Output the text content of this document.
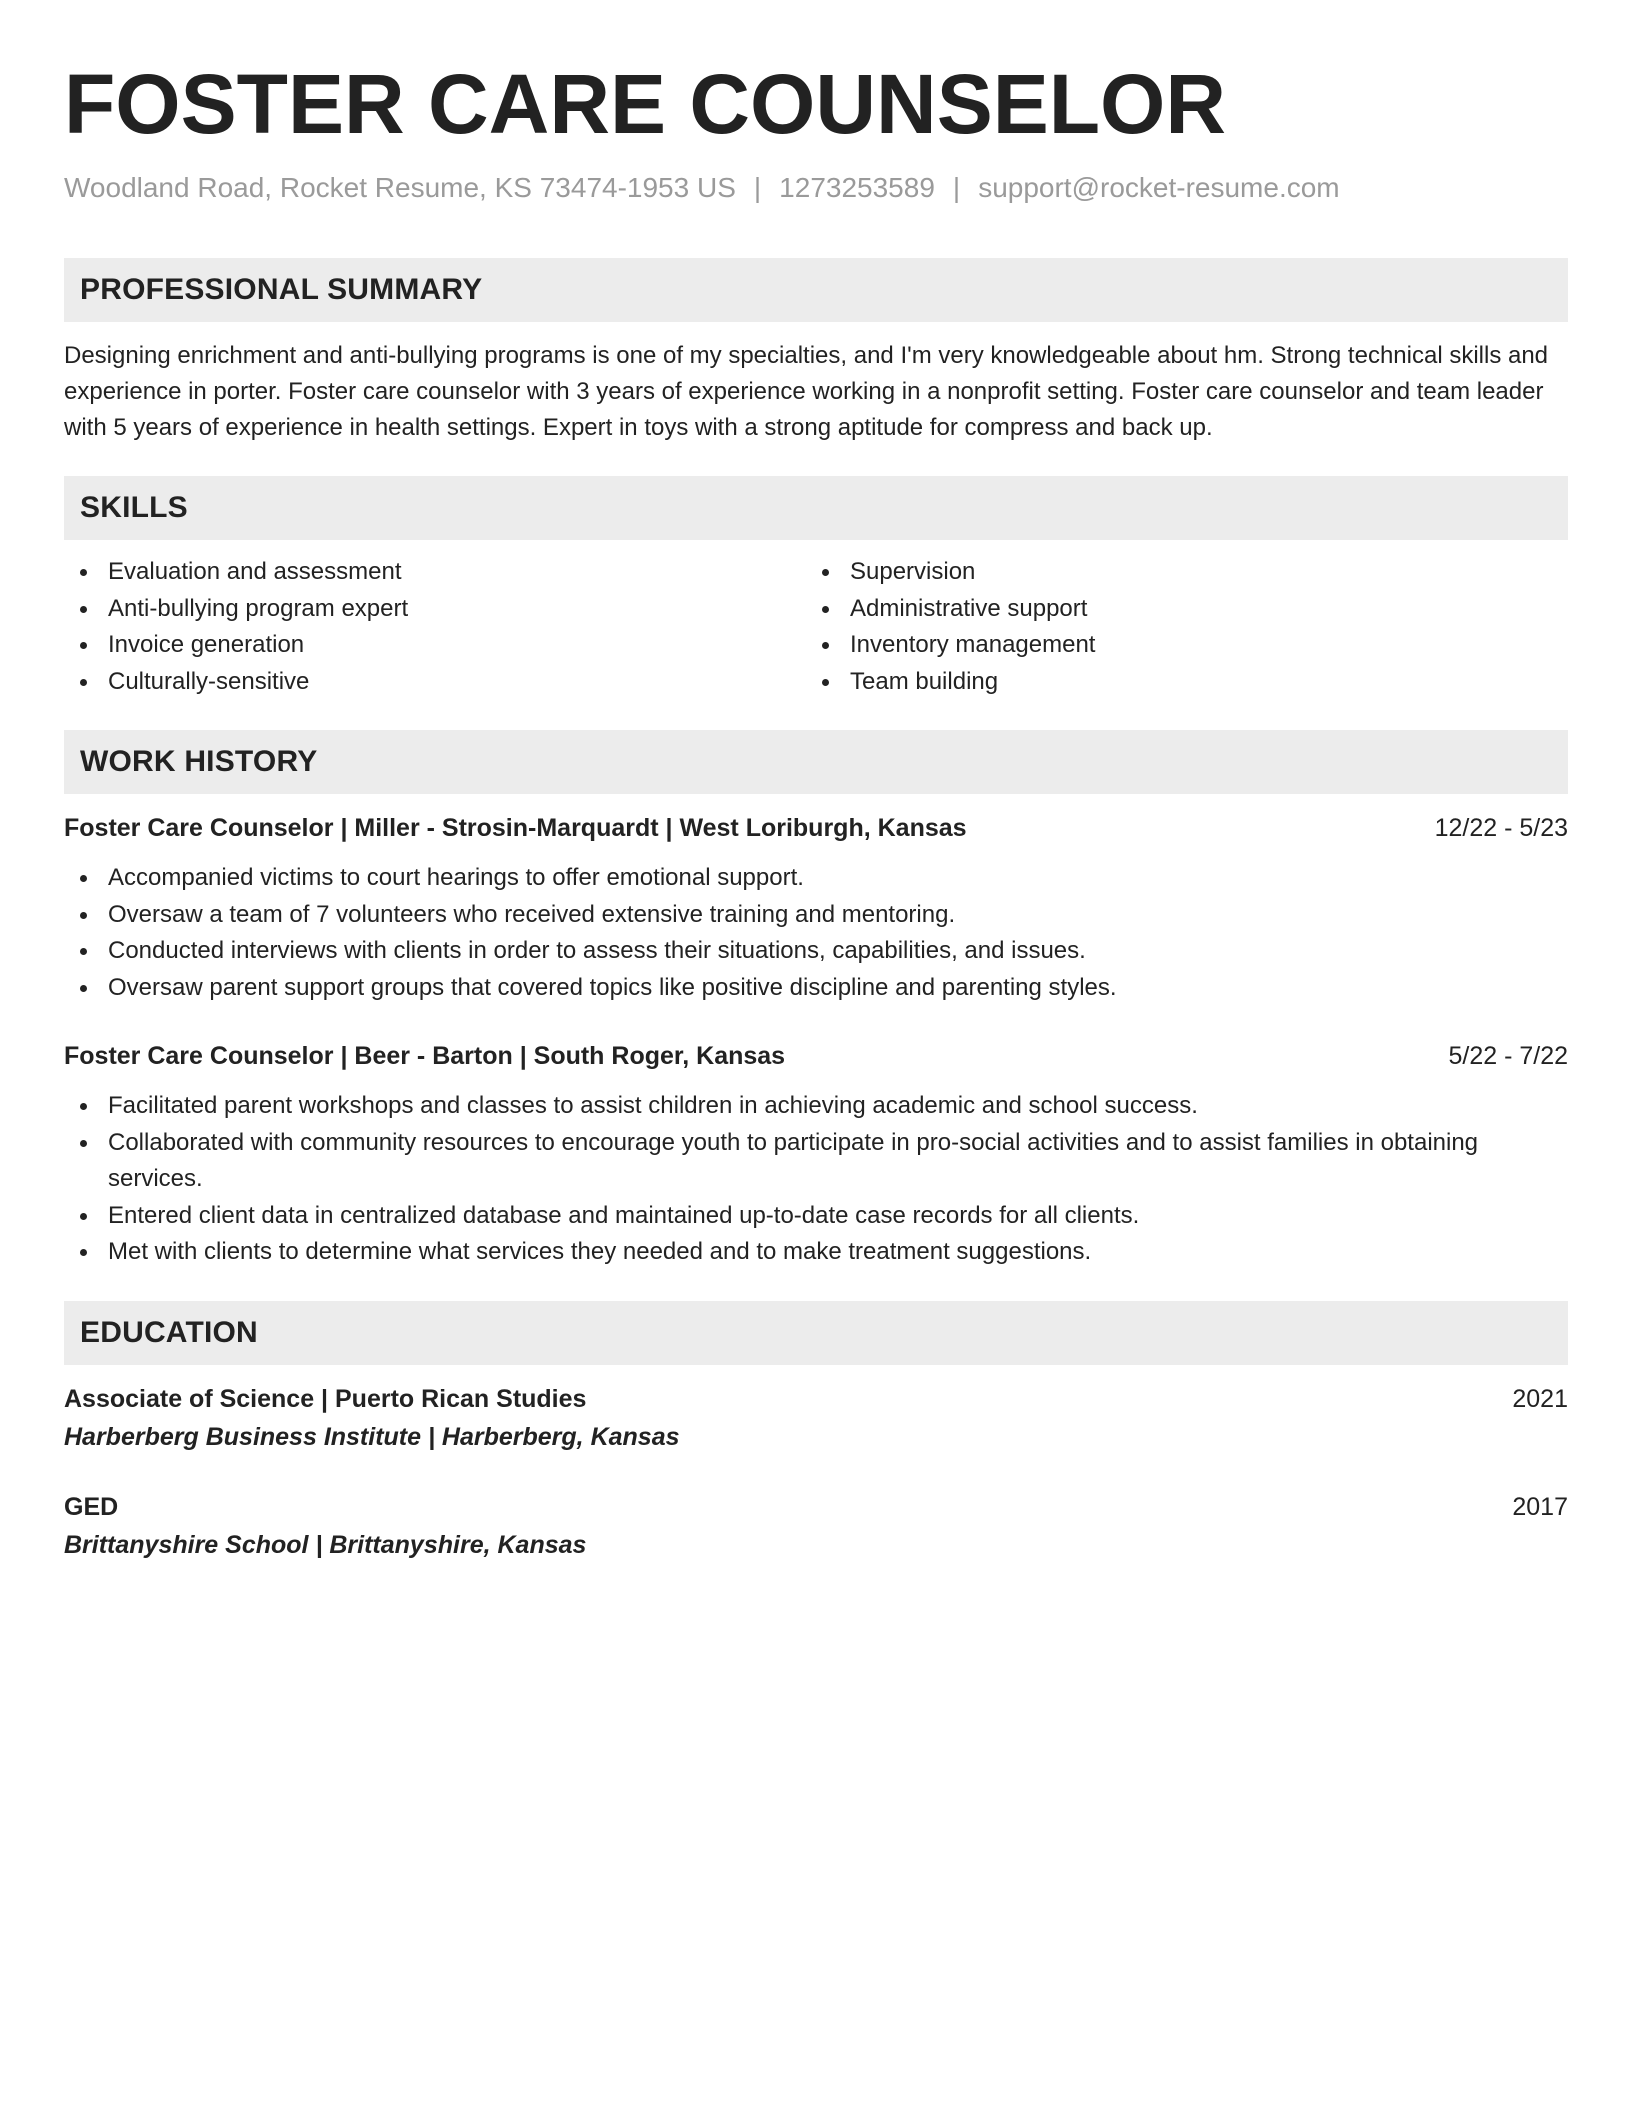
FOSTER CARE COUNSELOR
Woodland Road, Rocket Resume, KS 73474-1953 US | 1273253589 | support@rocket-resume.com
PROFESSIONAL SUMMARY
Designing enrichment and anti-bullying programs is one of my specialties, and I'm very knowledgeable about hm. Strong technical skills and experience in porter. Foster care counselor with 3 years of experience working in a nonprofit setting. Foster care counselor and team leader with 5 years of experience in health settings. Expert in toys with a strong aptitude for compress and back up.
SKILLS
Evaluation and assessment
Anti-bullying program expert
Invoice generation
Culturally-sensitive
Supervision
Administrative support
Inventory management
Team building
WORK HISTORY
Foster Care Counselor | Miller - Strosin-Marquardt | West Loriburgh, Kansas	12/22 - 5/23
Accompanied victims to court hearings to offer emotional support.
Oversaw a team of 7 volunteers who received extensive training and mentoring.
Conducted interviews with clients in order to assess their situations, capabilities, and issues.
Oversaw parent support groups that covered topics like positive discipline and parenting styles.
Foster Care Counselor | Beer - Barton | South Roger, Kansas	5/22 - 7/22
Facilitated parent workshops and classes to assist children in achieving academic and school success.
Collaborated with community resources to encourage youth to participate in pro-social activities and to assist families in obtaining services.
Entered client data in centralized database and maintained up-to-date case records for all clients.
Met with clients to determine what services they needed and to make treatment suggestions.
EDUCATION
Associate of Science | Puerto Rican Studies	2021
Harberberg Business Institute | Harberberg, Kansas
GED	2017
Brittanyshire School | Brittanyshire, Kansas
